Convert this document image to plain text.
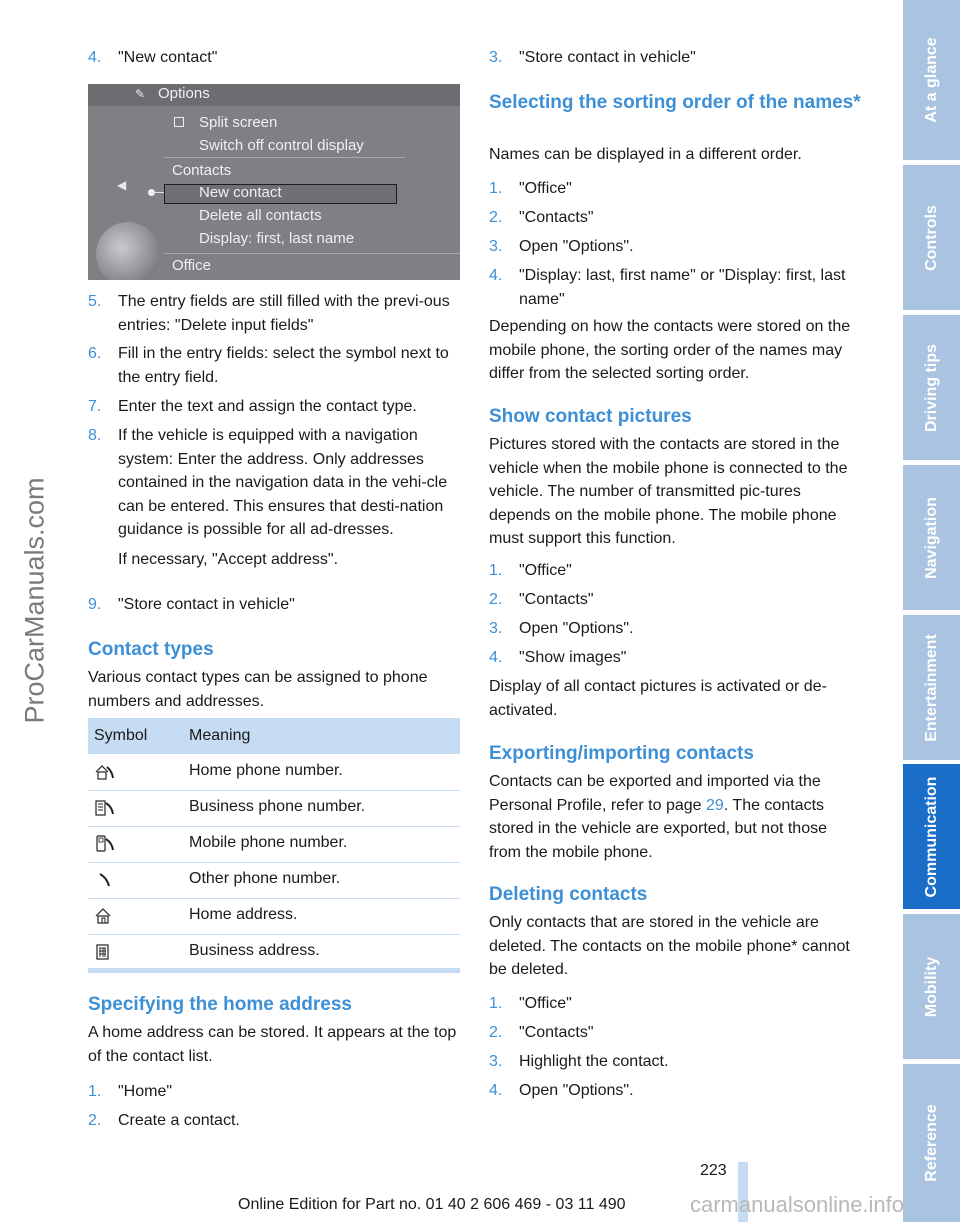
ProCarManuals.com
4. "New contact"
✎ Options
◀
Split screen
Switch off control display
Contacts
New contact
Delete all contacts
Display: first, last name
Office
5. The entry fields are still filled with the previ-ous entries: "Delete input fields"
6. Fill in the entry fields: select the symbol next to the entry field.
7. Enter the text and assign the contact type.
8. If the vehicle is equipped with a navigation system: Enter the address. Only addresses contained in the navigation data in the vehi-cle can be entered. This ensures that desti-nation guidance is possible for all ad-dresses.
If necessary, "Accept address".
9. "Store contact in vehicle"
Contact types
Various contact types can be assigned to phone numbers and addresses.
Symbol	Meaning
Home phone number.
Business phone number.
Mobile phone number.
Other phone number.
Home address.
Business address.
Specifying the home address
A home address can be stored. It appears at the top of the contact list.
1. "Home"
2. Create a contact.
3. "Store contact in vehicle"
Selecting the sorting order of the names*
Names can be displayed in a different order.
1. "Office"
2. "Contacts"
3. Open "Options".
4. "Display: last, first name" or "Display: first, last name"
Depending on how the contacts were stored on the mobile phone, the sorting order of the names may differ from the selected sorting order.
Show contact pictures
Pictures stored with the contacts are stored in the vehicle when the mobile phone is connected to the vehicle. The number of transmitted pic-tures depends on the mobile phone. The mobile phone must support this function.
1. "Office"
2. "Contacts"
3. Open "Options".
4. "Show images"
Display of all contact pictures is activated or de-activated.
Exporting/importing contacts
Contacts can be exported and imported via the Personal Profile, refer to page 29. The contacts stored in the vehicle are exported, but not those from the mobile phone.
Deleting contacts
Only contacts that are stored in the vehicle are deleted. The contacts on the mobile phone* cannot be deleted.
1. "Office"
2. "Contacts"
3. Highlight the contact.
4. Open "Options".
At a glance
Controls
Driving tips
Navigation
Entertainment
Communication
Mobility
Reference
223
Online Edition for Part no. 01 40 2 606 469 - 03 11 490	carmanualsonline.info
